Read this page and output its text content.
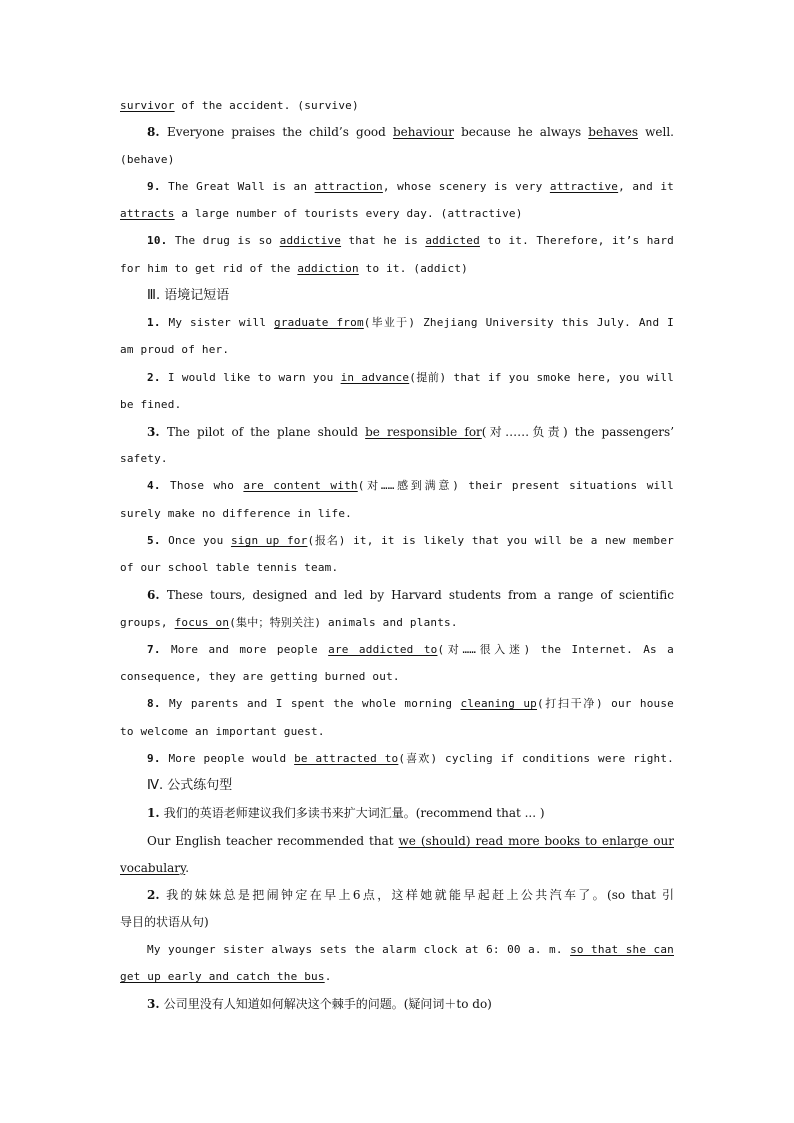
survivor of the accident. (survive)
8. Everyone praises the child’s good behaviour because he always behaves well.
(behave)
9. The Great Wall is an attraction, whose scenery is very attractive, and it
attracts a large number of tourists every day. (attractive)
10. The drug is so addictive that he is addicted to it. Therefore, it’s hard
for him to get rid of the addiction to it. (addict)
Ⅲ. 语境记短语
1. My sister will graduate from(毕业于) Zhejiang University this July. And I
am proud of her.
2. I would like to warn you in advance(提前) that if you smoke here, you will
be fined.
3. The pilot of the plane should be responsible for(对……负责) the passengers’
safety.
4. Those who are content with(对……感到满意) their present situations will
surely make no difference in life.
5. Once you sign up for(报名) it, it is likely that you will be a new member
of our school table tennis team.
6. These tours, designed and led by Harvard students from a range of scientific
groups, focus on(集中；特别关注) animals and plants.
7. More and more people are addicted to(对……很入迷) the Internet. As a
consequence, they are getting burned out.
8. My parents and I spent the whole morning cleaning up(打扫干净) our house
to welcome an important guest.
9. More people would be attracted to(喜欢) cycling if conditions were right.
Ⅳ. 公式练句型
1. 我们的英语老师建议我们多读书来扩大词汇量。(recommend that ... )
Our English teacher recommended that we (should) read more books to enlarge our
vocabulary.
2. 我的妹妹总是把闹钟定在早上6点，这样她就能早起赶上公共汽车了。(so that 引
导目的状语从句)
My younger sister always sets the alarm clock at 6: 00 a. m. so that she can
get up early and catch the bus.
3. 公司里没有人知道如何解决这个棘手的问题。(疑问词＋to do)
